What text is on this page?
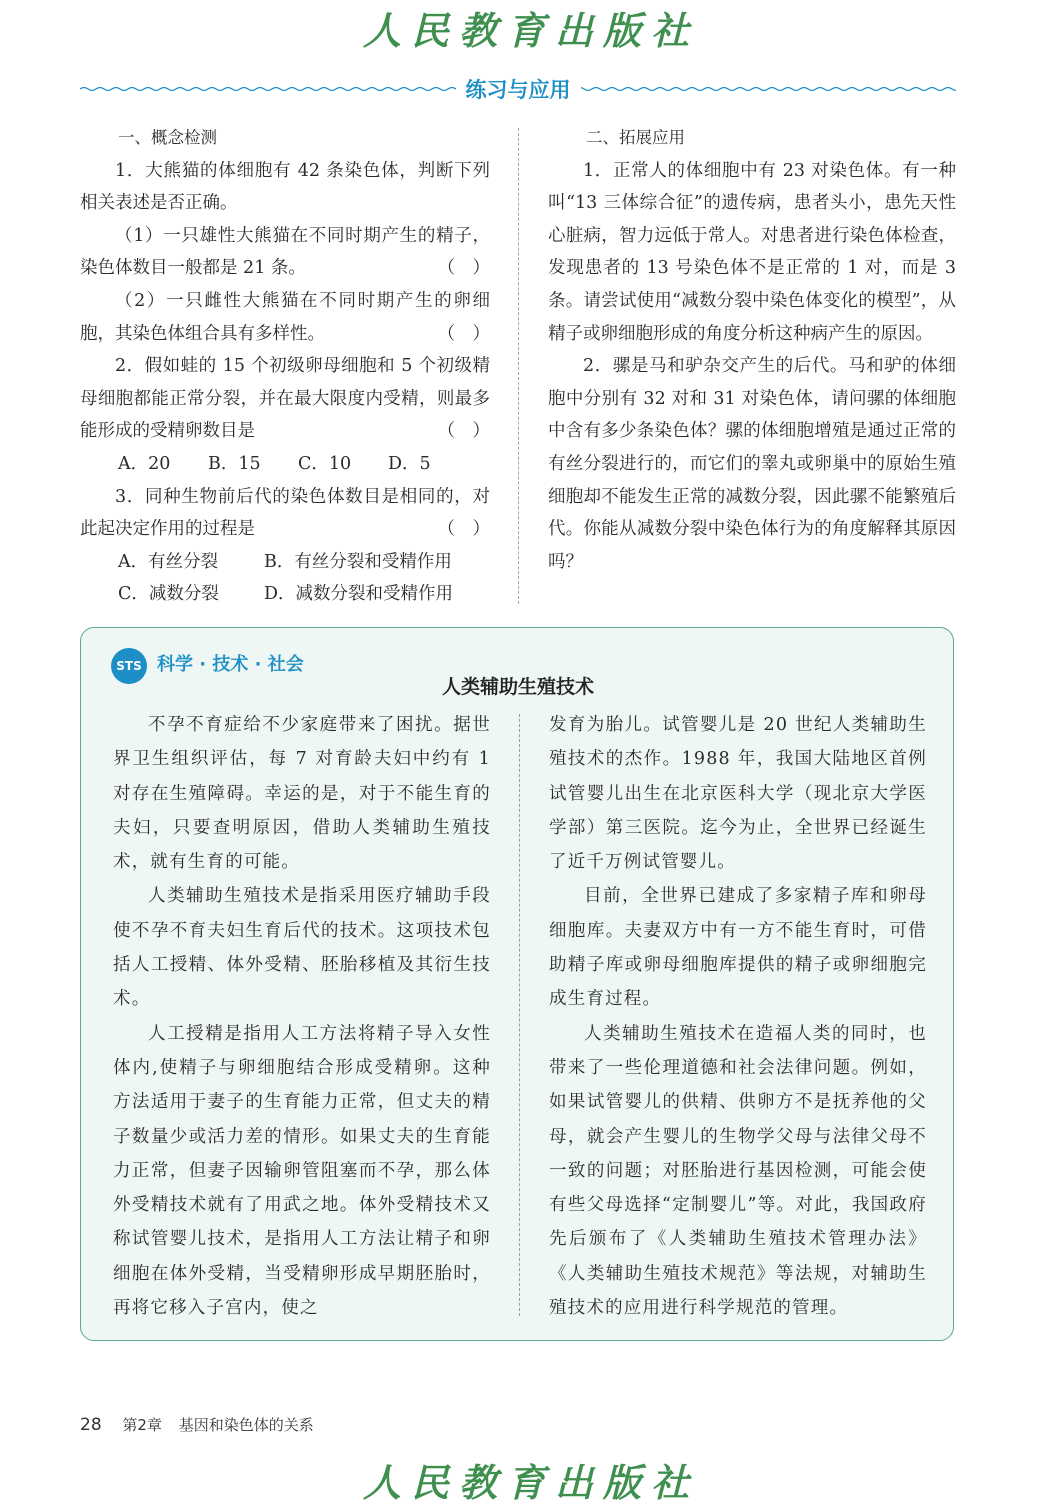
人民教育出版社
练习与应用

一、概念检测

1．大熊猫的体细胞有 42 条染色体，判断下列相关表述是否正确。

（1）一只雄性大熊猫在不同时期产生的精子，染色体数目一般都是 21 条。	（　）

（2）一只雌性大熊猫在不同时期产生的卵细胞，其染色体组合具有多样性。	（　）

2．假如蛙的 15 个初级卵母细胞和 5 个初级精母细胞都能正常分裂，并在最大限度内受精，则最多能形成的受精卵数目是	（　）

A．20	B．15	C．10	D．5

3．同种生物前后代的染色体数目是相同的，对此起决定作用的过程是	（　）

A．有丝分裂	B．有丝分裂和受精作用

C．减数分裂	D．减数分裂和受精作用

二、拓展应用

1．正常人的体细胞中有 23 对染色体。有一种叫“13 三体综合征”的遗传病，患者头小，患先天性心脏病，智力远低于常人。对患者进行染色体检查，发现患者的 13 号染色体不是正常的 1 对，而是 3 条。请尝试使用“减数分裂中染色体变化的模型”，从精子或卵细胞形成的角度分析这种病产生的原因。

2．骡是马和驴杂交产生的后代。马和驴的体细胞中分别有 32 对和 31 对染色体，请问骡的体细胞中含有多少条染色体？骡的体细胞增殖是通过正常的有丝分裂进行的，而它们的睾丸或卵巢中的原始生殖细胞却不能发生正常的减数分裂，因此骡不能繁殖后代。你能从减数分裂中染色体行为的角度解释其原因吗？

STS 科学 · 技术 · 社会
人类辅助生殖技术

不孕不育症给不少家庭带来了困扰。据世界卫生组织评估，每 7 对育龄夫妇中约有 1 对存在生殖障碍。幸运的是，对于不能生育的夫妇，只要查明原因，借助人类辅助生殖技术，就有生育的可能。

人类辅助生殖技术是指采用医疗辅助手段使不孕不育夫妇生育后代的技术。这项技术包括人工授精、体外受精、胚胎移植及其衍生技术。

人工授精是指用人工方法将精子导入女性体内,使精子与卵细胞结合形成受精卵。这种方法适用于妻子的生育能力正常，但丈夫的精子数量少或活力差的情形。如果丈夫的生育能力正常，但妻子因输卵管阻塞而不孕，那么体外受精技术就有了用武之地。体外受精技术又称试管婴儿技术，是指用人工方法让精子和卵细胞在体外受精，当受精卵形成早期胚胎时，再将它移入子宫内，使之

发育为胎儿。试管婴儿是 20 世纪人类辅助生殖技术的杰作。1988 年，我国大陆地区首例试管婴儿出生在北京医科大学（现北京大学医学部）第三医院。迄今为止，全世界已经诞生了近千万例试管婴儿。

目前，全世界已建成了多家精子库和卵母细胞库。夫妻双方中有一方不能生育时，可借助精子库或卵母细胞库提供的精子或卵细胞完成生育过程。

人类辅助生殖技术在造福人类的同时，也带来了一些伦理道德和社会法律问题。例如，如果试管婴儿的供精、供卵方不是抚养他的父母，就会产生婴儿的生物学父母与法律父母不一致的问题；对胚胎进行基因检测，可能会使有些父母选择“定制婴儿”等。对此，我国政府先后颁布了《人类辅助生殖技术管理办法》《人类辅助生殖技术规范》等法规，对辅助生殖技术的应用进行科学规范的管理。

28 第2章 基因和染色体的关系
人民教育出版社
